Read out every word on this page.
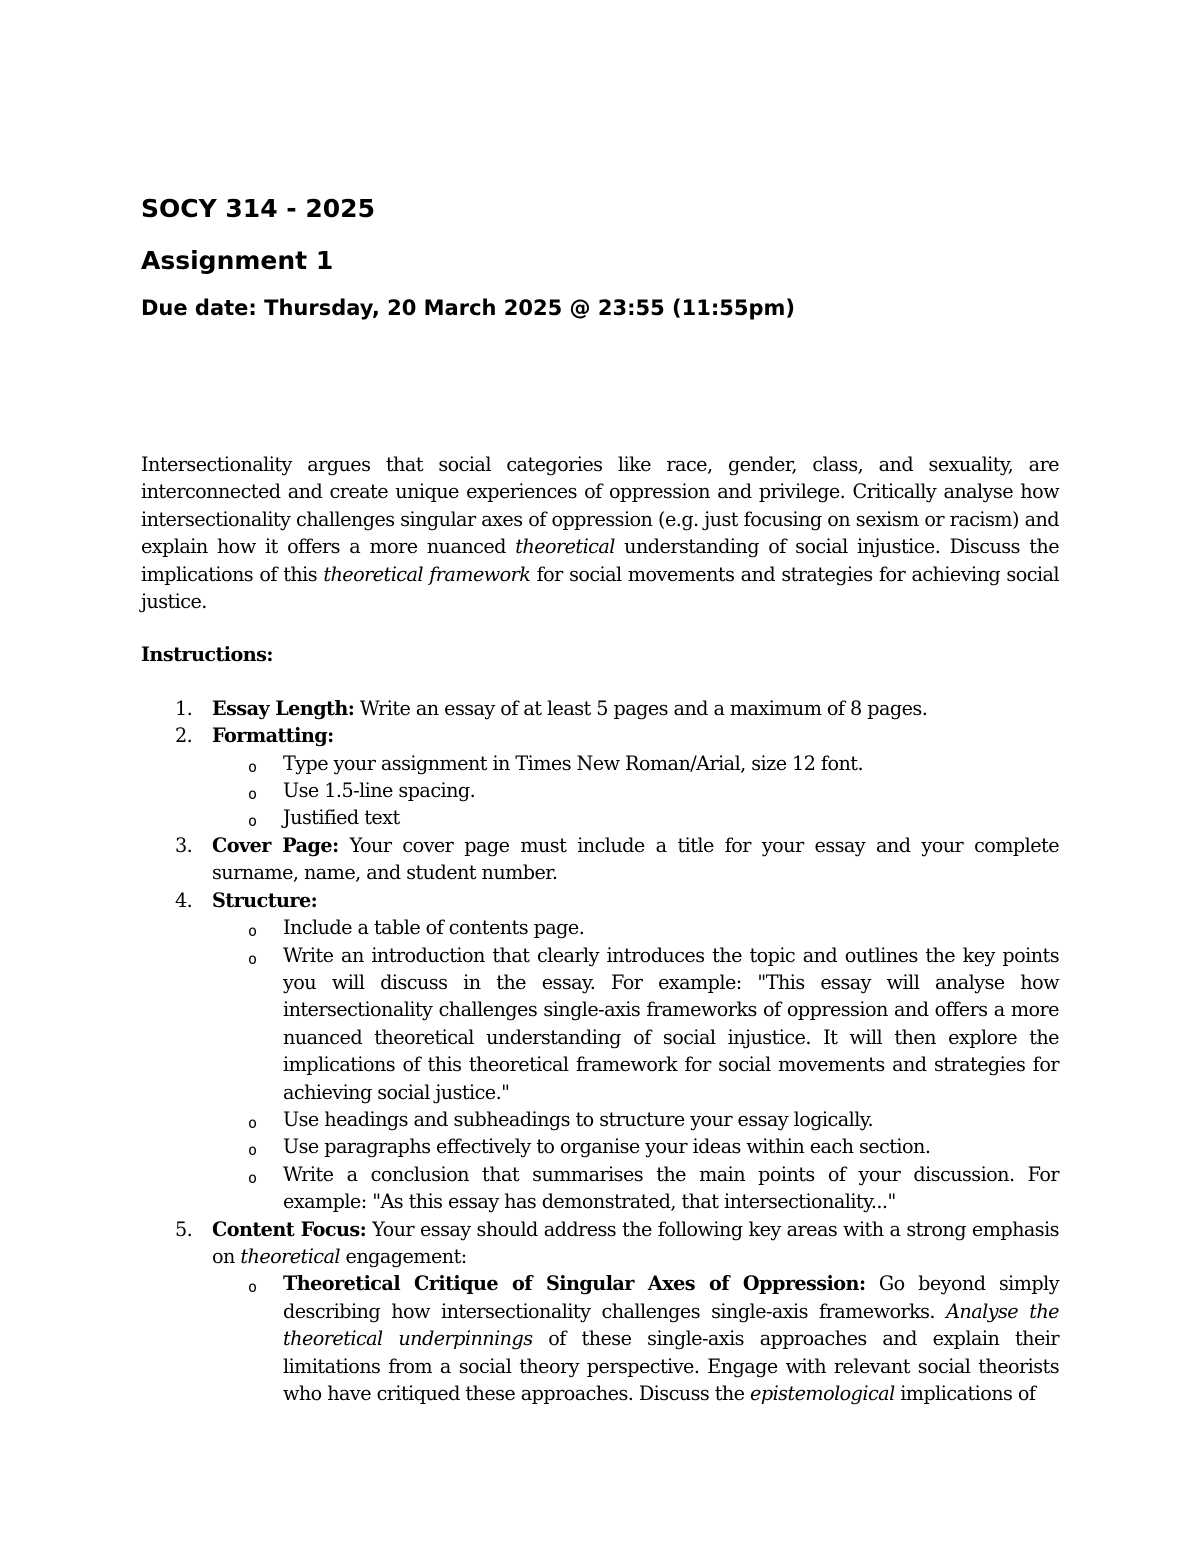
SOCY 314 - 2025
Assignment 1
Due date: Thursday, 20 March 2025 @ 23:55 (11:55pm)

Intersectionality argues that social categories like race, gender, class, and sexuality, are interconnected and create unique experiences of oppression and privilege. Critically analyse how intersectionality challenges singular axes of oppression (e.g. just focusing on sexism or racism) and explain how it offers a more nuanced theoretical understanding of social injustice. Discuss the implications of this theoretical framework for social movements and strategies for achieving social justice.

Instructions:

1. Essay Length: Write an essay of at least 5 pages and a maximum of 8 pages.
2. Formatting:
o Type your assignment in Times New Roman/Arial, size 12 font.
o Use 1.5-line spacing.
o Justified text
3. Cover Page: Your cover page must include a title for your essay and your complete surname, name, and student number.
4. Structure:
o Include a table of contents page.
o Write an introduction that clearly introduces the topic and outlines the key points you will discuss in the essay. For example: "This essay will analyse how intersectionality challenges single-axis frameworks of oppression and offers a more nuanced theoretical understanding of social injustice. It will then explore the implications of this theoretical framework for social movements and strategies for achieving social justice."
o Use headings and subheadings to structure your essay logically.
o Use paragraphs effectively to organise your ideas within each section.
o Write a conclusion that summarises the main points of your discussion. For example: "As this essay has demonstrated, that intersectionality..."
5. Content Focus: Your essay should address the following key areas with a strong emphasis on theoretical engagement:
o Theoretical Critique of Singular Axes of Oppression: Go beyond simply describing how intersectionality challenges single-axis frameworks. Analyse the theoretical underpinnings of these single-axis approaches and explain their limitations from a social theory perspective. Engage with relevant social theorists who have critiqued these approaches. Discuss the epistemological implications of
